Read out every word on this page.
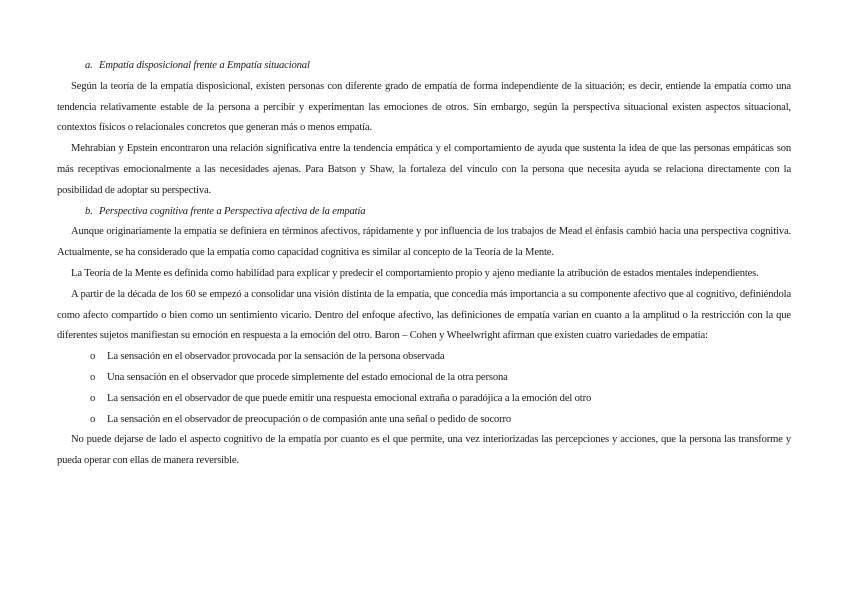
a. Empatía disposicional frente a Empatía situacional

Según la teoría de la empatía disposicional, existen personas con diferente grado de empatía de forma independiente de la situación; es decir, entiende la empatía como una tendencia relativamente estable de la persona a percibir y experimentan las emociones de otros. Sin embargo, según la perspectiva situacional existen aspectos situacional, contextos físicos o relacionales concretos que generan más o menos empatía.

Mehrabian y Epstein encontraron una relación significativa entre la tendencia empática y el comportamiento de ayuda que sustenta la idea de que las personas empáticas son más receptivas emocionalmente a las necesidades ajenas. Para Batson y Shaw, la fortaleza del vínculo con la persona que necesita ayuda se relaciona directamente con la posibilidad de adoptar su perspectiva.

b. Perspectiva cognitiva frente a Perspectiva afectiva de la empatía

Aunque originariamente la empatía se definiera en términos afectivos, rápidamente y por influencia de los trabajos de Mead el énfasis cambió hacia una perspectiva cognitiva. Actualmente, se ha considerado que la empatía como capacidad cognitiva es similar al concepto de la Teoría de la Mente.

La Teoría de la Mente es definida como habilidad para explicar y predecir el comportamiento propio y ajeno mediante la atribución de estados mentales independientes.

A partir de la década de los 60 se empezó a consolidar una visión distinta de la empatía, que concedía más importancia a su componente afectivo que al cognitivo, definiéndola como afecto compartido o bien como un sentimiento vicario. Dentro del enfoque afectivo, las definiciones de empatía varían en cuanto a la amplitud o la restricción con la que diferentes sujetos manifiestan su emoción en respuesta a la emoción del otro. Baron – Cohen y Wheelwright afirman que existen cuatro variedades de empatía:

o La sensación en el observador provocada por la sensación de la persona observada
o Una sensación en el observador que procede simplemente del estado emocional de la otra persona
o La sensación en el observador de que puede emitir una respuesta emocional extraña o paradójica a la emoción del otro
o La sensación en el observador de preocupación o de compasión ante una señal o pedido de socorro

No puede dejarse de lado el aspecto cognitivo de la empatía por cuanto es el que permite, una vez interiorizadas las percepciones y acciones, que la persona las transforme y pueda operar con ellas de manera reversible.
